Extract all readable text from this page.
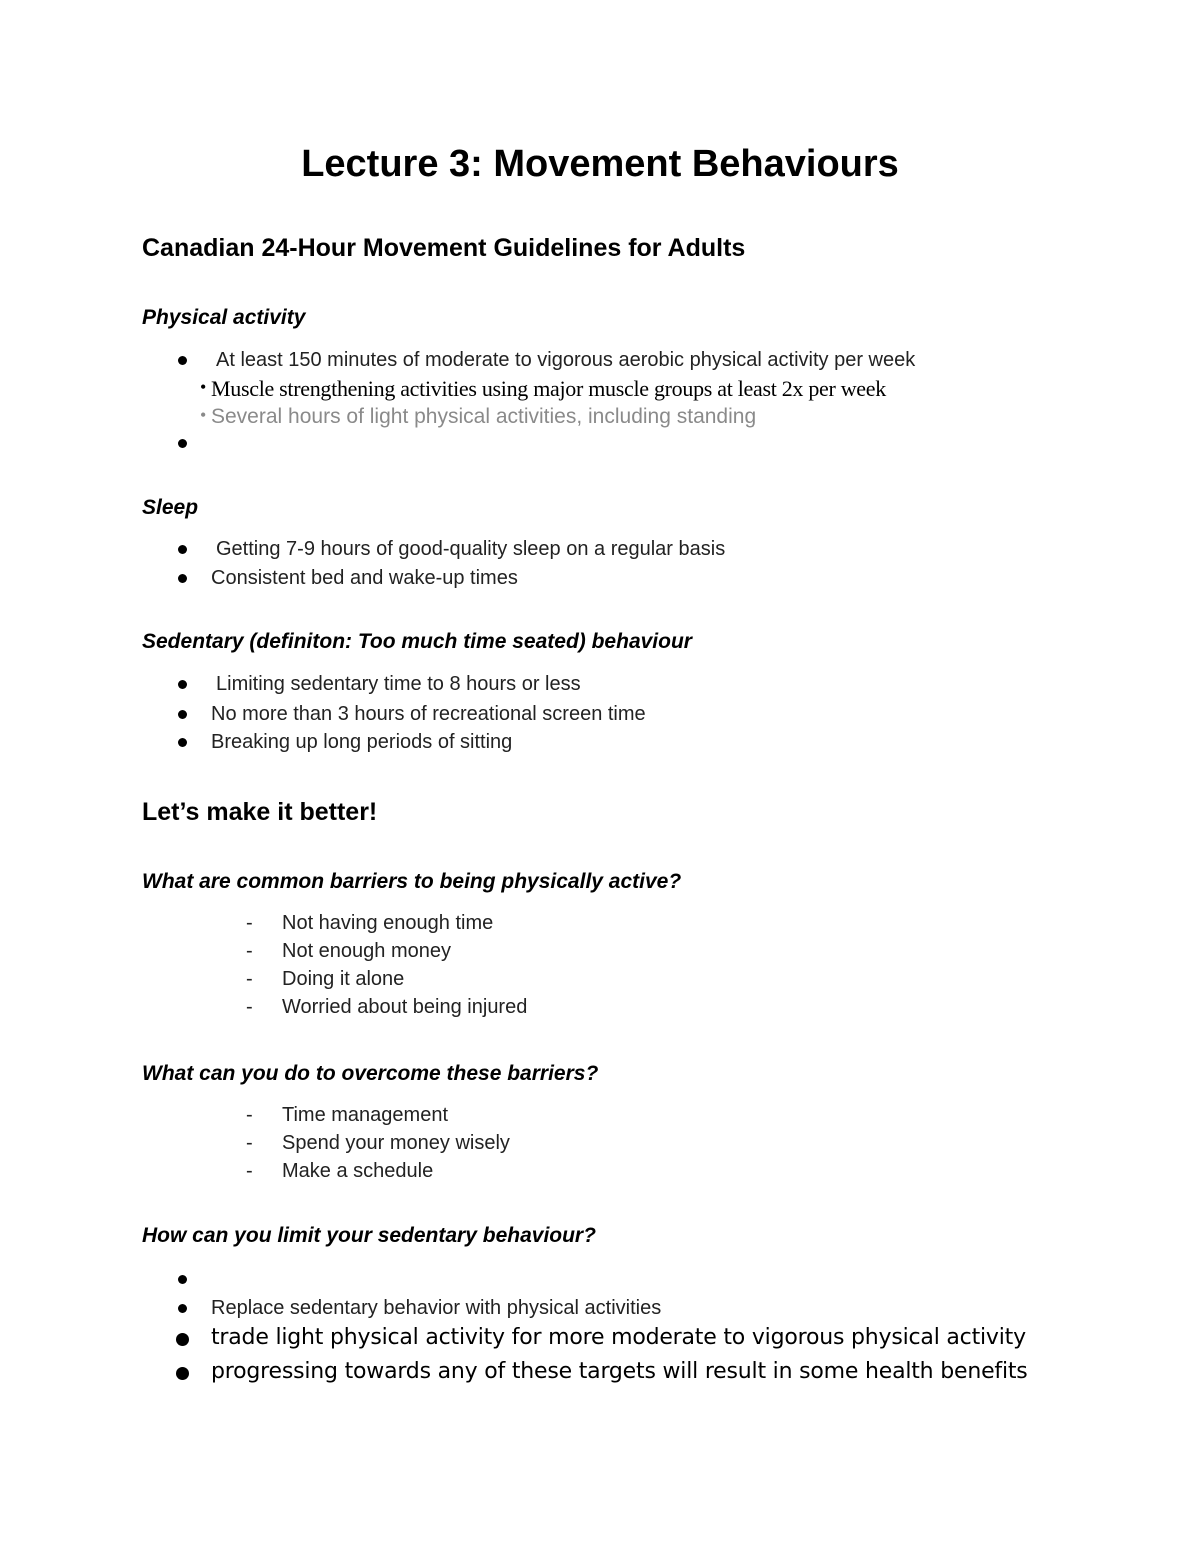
Lecture 3: Movement Behaviours
Canadian 24-Hour Movement Guidelines for Adults
Physical activity
At least 150 minutes of moderate to vigorous aerobic physical activity per week
• Muscle strengthening activities using major muscle groups at least 2x per week
• Several hours of light physical activities, including standing
Sleep
Getting 7-9 hours of good-quality sleep on a regular basis
Consistent bed and wake-up times
Sedentary (definiton: Too much time seated) behaviour
Limiting sedentary time to 8 hours or less
No more than 3 hours of recreational screen time
Breaking up long periods of sitting
Let’s make it better!
What are common barriers to being physically active?
- Not having enough time
- Not enough money
- Doing it alone
- Worried about being injured
What can you do to overcome these barriers?
- Time management
- Spend your money wisely
- Make a schedule
How can you limit your sedentary behaviour?
Replace sedentary behavior with physical activities
trade light physical activity for more moderate to vigorous physical activity
progressing towards any of these targets will result in some health benefits
